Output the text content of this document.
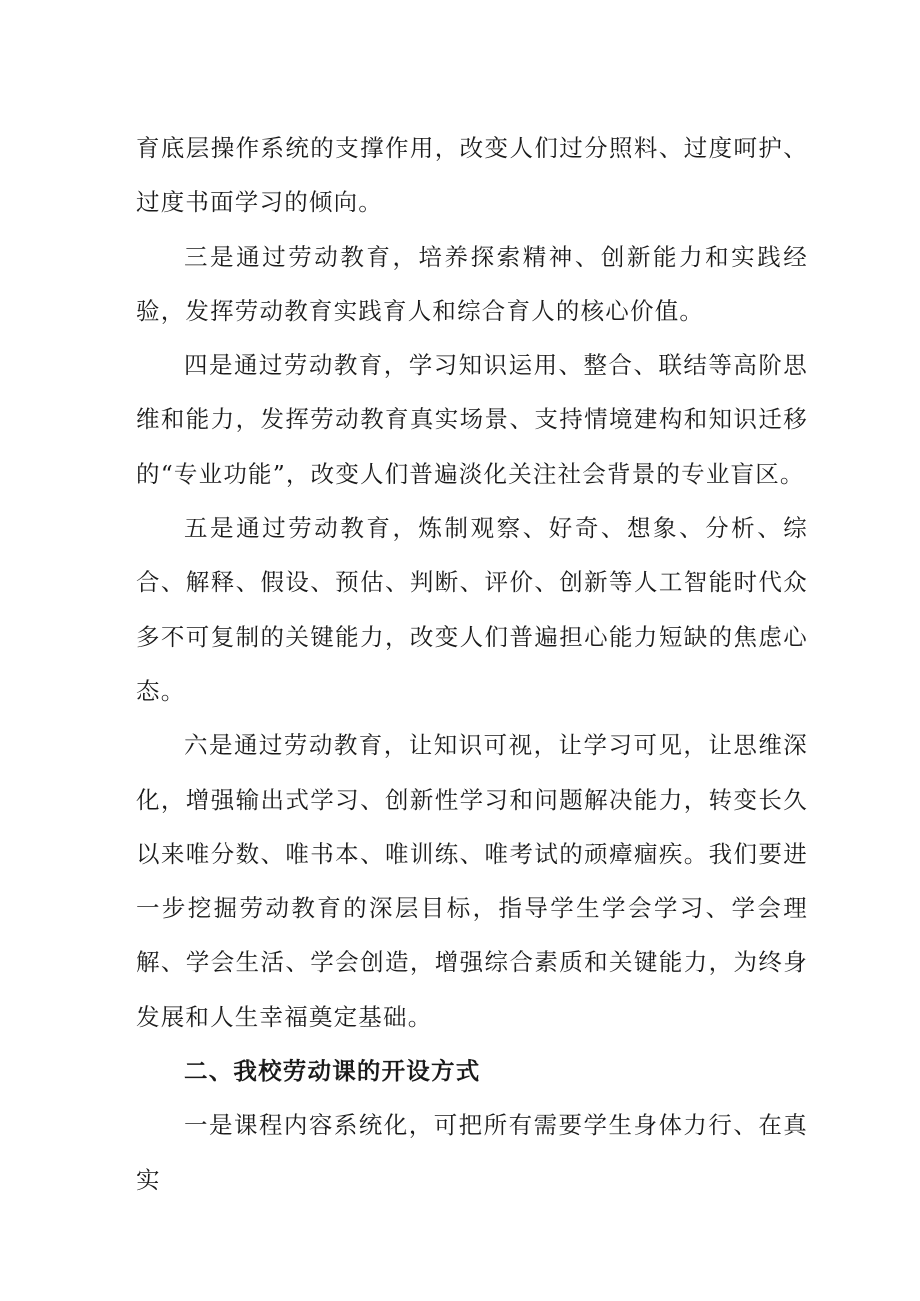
育底层操作系统的支撑作用，改变人们过分照料、过度呵护、过度书面学习的倾向。

三是通过劳动教育，培养探索精神、创新能力和实践经验，发挥劳动教育实践育人和综合育人的核心价值。

四是通过劳动教育，学习知识运用、整合、联结等高阶思维和能力，发挥劳动教育真实场景、支持情境建构和知识迁移的“专业功能”，改变人们普遍淡化关注社会背景的专业盲区。

五是通过劳动教育，炼制观察、好奇、想象、分析、综合、解释、假设、预估、判断、评价、创新等人工智能时代众多不可复制的关键能力，改变人们普遍担心能力短缺的焦虑心态。

六是通过劳动教育，让知识可视，让学习可见，让思维深化，增强输出式学习、创新性学习和问题解决能力，转变长久以来唯分数、唯书本、唯训练、唯考试的顽瘴痼疾。我们要进一步挖掘劳动教育的深层目标，指导学生学会学习、学会理解、学会生活、学会创造，增强综合素质和关键能力，为终身发展和人生幸福奠定基础。

二、我校劳动课的开设方式

一是课程内容系统化，可把所有需要学生身体力行、在真实
